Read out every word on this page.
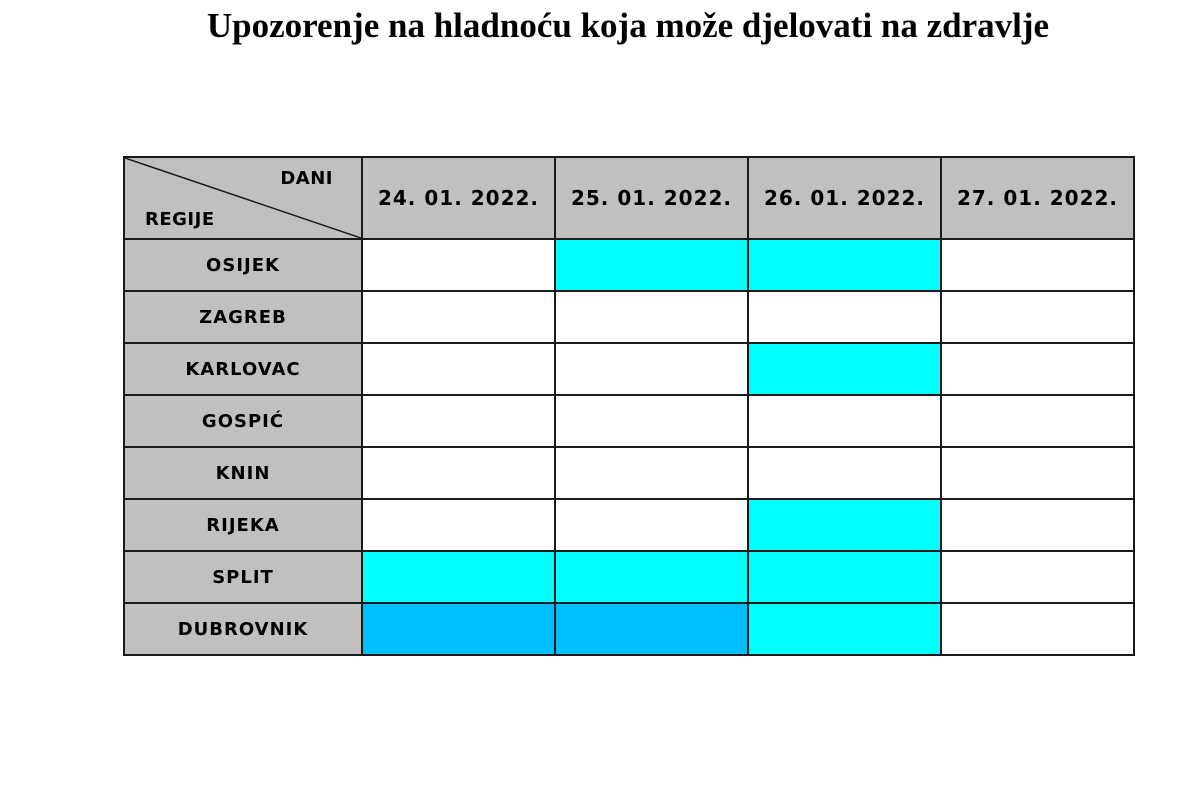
Upozorenje na hladnoću koja može djelovati na zdravlje
DANI
REGIJE	24. 01. 2022.	25. 01. 2022.	26. 01. 2022.	27. 01. 2022.
OSIJEK				
ZAGREB				
KARLOVAC				
GOSPIĆ				
KNIN				
RIJEKA				
SPLIT				
DUBROVNIK				
